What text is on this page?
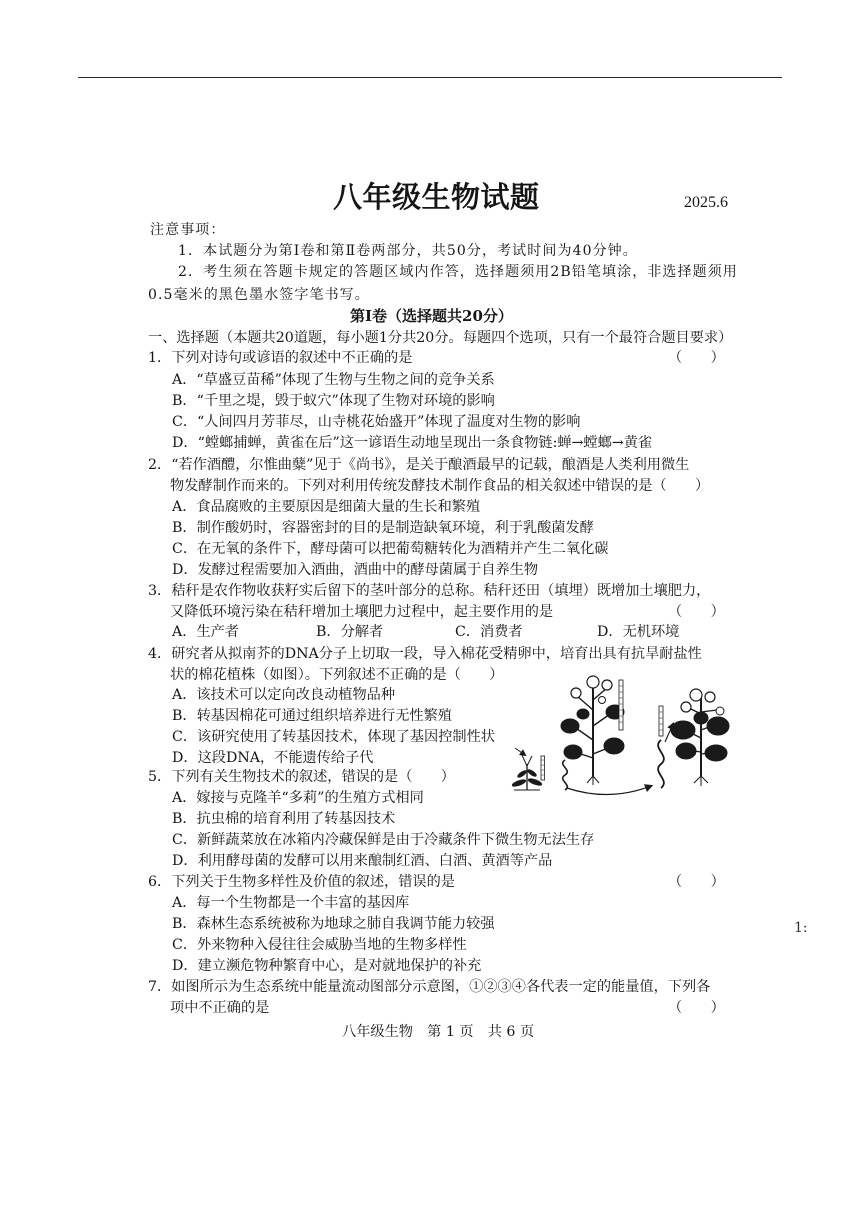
八年级生物试题	2025.6
注意事项：
1．本试题分为第Ⅰ卷和第Ⅱ卷两部分，共50分，考试时间为40分钟。
2．考生须在答题卡规定的答题区域内作答，选择题须用2B铅笔填涂，非选择题须用
0.5毫米的黑色墨水签字笔书写。
第Ⅰ卷（选择题共20分）
一、选择题（本题共20道题，每小题1分共20分。每题四个选项，只有一个最符合题目要求）
1．下列对诗句或谚语的叙述中不正确的是	（　　）
A．“草盛豆苗稀”体现了生物与生物之间的竞争关系
B．“千里之堤，毁于蚁穴”体现了生物对环境的影响
C．“人间四月芳菲尽，山寺桃花始盛开”体现了温度对生物的影响
D．“螳螂捕蝉，黄雀在后”这一谚语生动地呈现出一条食物链:蝉→螳螂→黄雀
2．“若作酒醴，尔惟曲糵”见于《尚书》，是关于酿酒最早的记载，酿酒是人类利用微生
物发酵制作而来的。下列对利用传统发酵技术制作食品的相关叙述中错误的是（　　）
A．食品腐败的主要原因是细菌大量的生长和繁殖
B．制作酸奶时，容器密封的目的是制造缺氧环境，利于乳酸菌发酵
C．在无氧的条件下，酵母菌可以把葡萄糖转化为酒精并产生二氧化碳
D．发酵过程需要加入酒曲，酒曲中的酵母菌属于自养生物
3．秸秆是农作物收获籽实后留下的茎叶部分的总称。秸秆还田（填埋）既增加土壤肥力，
又降低环境污染在秸秆增加土壤肥力过程中，起主要作用的是	（　　）
A．生产者	B．分解者	C．消费者	D．无机环境
4．研究者从拟南芥的DNA分子上切取一段，导入棉花受精卵中，培育出具有抗旱耐盐性
状的棉花植株（如图）。下列叙述不正确的是（　　）
A．该技术可以定向改良动植物品种
B．转基因棉花可通过组织培养进行无性繁殖
C．该研究使用了转基因技术，体现了基因控制性状
D．这段DNA，不能遗传给子代
5．下列有关生物技术的叙述，错误的是（　　）
A．嫁接与克隆羊“多莉”的生殖方式相同
B．抗虫棉的培育利用了转基因技术
C．新鲜蔬菜放在冰箱内冷藏保鲜是由于冷藏条件下微生物无法生存
D．利用酵母菌的发酵可以用来酿制红酒、白酒、黄酒等产品
6．下列关于生物多样性及价值的叙述，错误的是	（　　）
A．每一个生物都是一个丰富的基因库
B．森林生态系统被称为地球之肺自我调节能力较强
C．外来物种入侵往往会威胁当地的生物多样性
D．建立濒危物种繁育中心，是对就地保护的补充
7．如图所示为生态系统中能量流动图部分示意图，①②③④各代表一定的能量值，下列各
项中不正确的是	（　　）
八年级生物　第 1 页　共 6 页
1:
